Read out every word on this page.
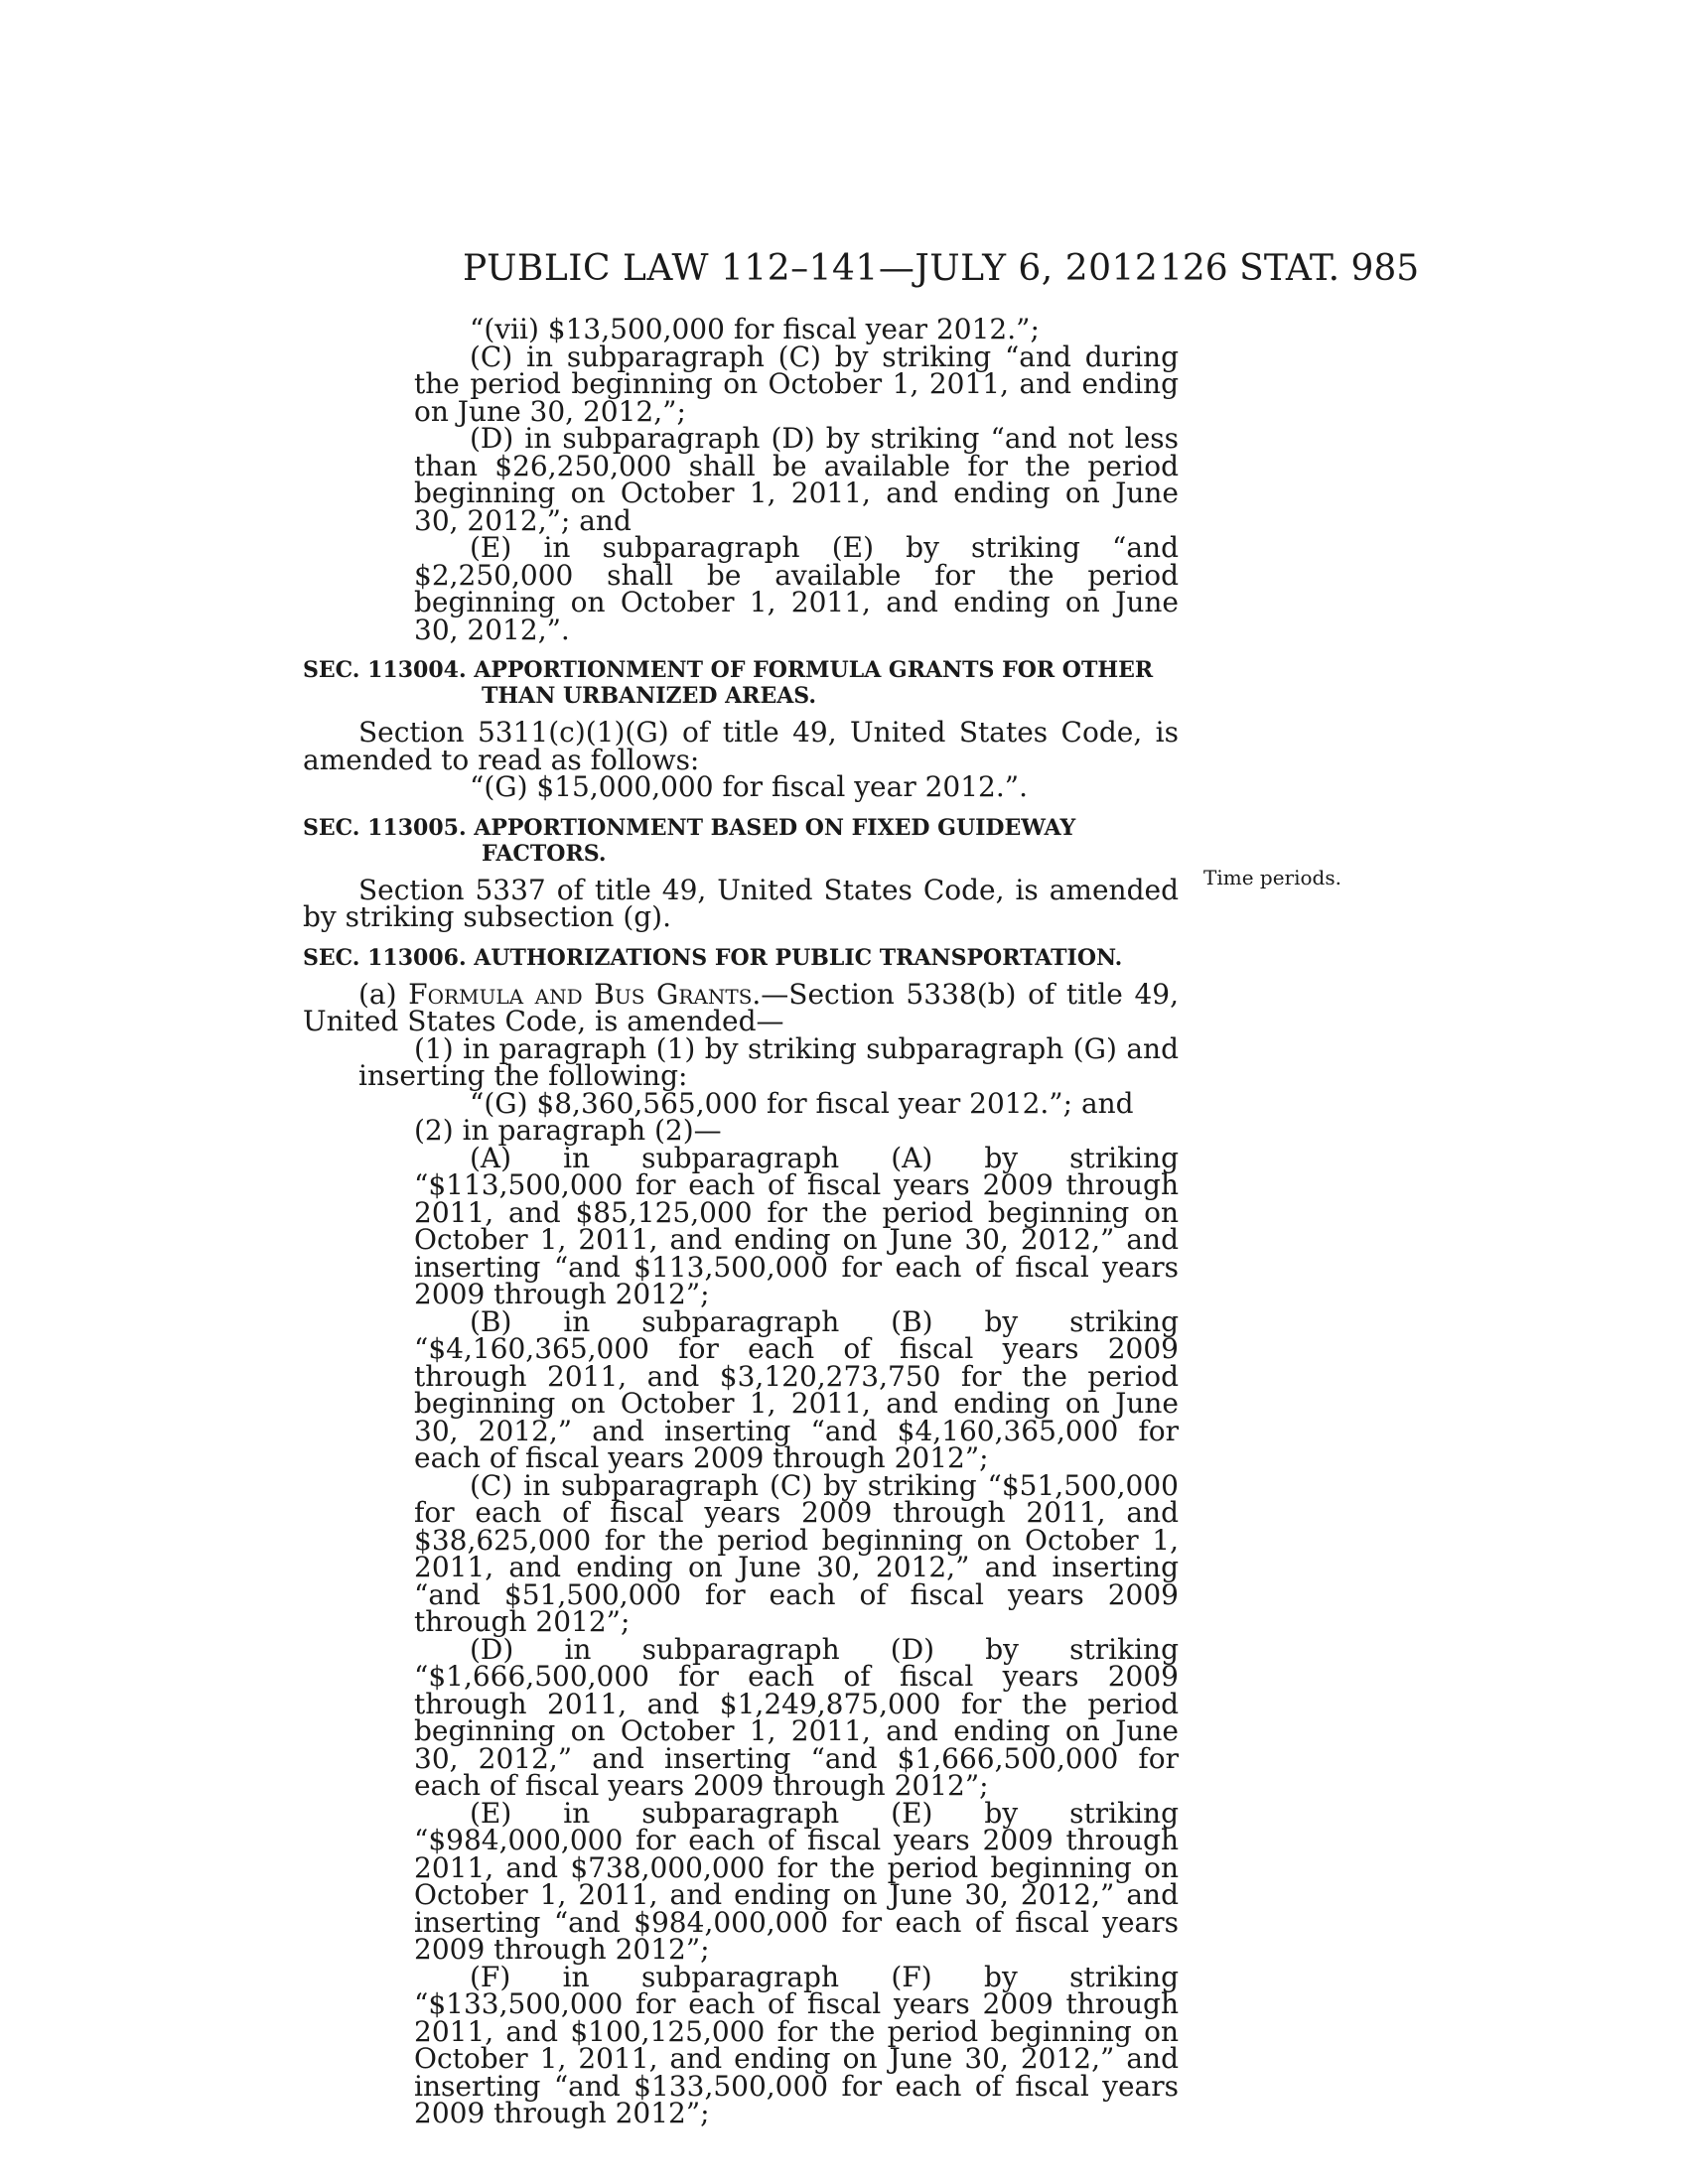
PUBLIC LAW 112–141—JULY 6, 2012 126 STAT. 985
Time periods.

“(vii) $13,500,000 for fiscal year 2012.”;

(C) in subparagraph (C) by striking “and during the period beginning on October 1, 2011, and ending on June 30, 2012,”;

(D) in subparagraph (D) by striking “and not less than $26,250,000 shall be available for the period beginning on October 1, 2011, and ending on June 30, 2012,”; and

(E) in subparagraph (E) by striking “and $2,250,000 shall be available for the period beginning on October 1, 2011, and ending on June 30, 2012,”.

SEC. 113004. APPORTIONMENT OF FORMULA GRANTS FOR OTHER THAN URBANIZED AREAS.

Section 5311(c)(1)(G) of title 49, United States Code, is amended to read as follows:

“(G) $15,000,000 for fiscal year 2012.”.

SEC. 113005. APPORTIONMENT BASED ON FIXED GUIDEWAY FACTORS.

Section 5337 of title 49, United States Code, is amended by striking subsection (g).

SEC. 113006. AUTHORIZATIONS FOR PUBLIC TRANSPORTATION.

(a) Formula and Bus Grants.—Section 5338(b) of title 49, United States Code, is amended—

(1) in paragraph (1) by striking subparagraph (G) and inserting the following:

“(G) $8,360,565,000 for fiscal year 2012.”; and

(2) in paragraph (2)—

(A) in subparagraph (A) by striking “$113,500,000 for each of fiscal years 2009 through 2011, and $85,125,000 for the period beginning on October 1, 2011, and ending on June 30, 2012,” and inserting “and $113,500,000 for each of fiscal years 2009 through 2012”;

(B) in subparagraph (B) by striking “$4,160,365,000 for each of fiscal years 2009 through 2011, and $3,120,273,750 for the period beginning on October 1, 2011, and ending on June 30, 2012,” and inserting “and $4,160,365,000 for each of fiscal years 2009 through 2012”;

(C) in subparagraph (C) by striking “$51,500,000 for each of fiscal years 2009 through 2011, and $38,625,000 for the period beginning on October 1, 2011, and ending on June 30, 2012,” and inserting “and $51,500,000 for each of fiscal years 2009 through 2012”;

(D) in subparagraph (D) by striking “$1,666,500,000 for each of fiscal years 2009 through 2011, and $1,249,875,000 for the period beginning on October 1, 2011, and ending on June 30, 2012,” and inserting “and $1,666,500,000 for each of fiscal years 2009 through 2012”;

(E) in subparagraph (E) by striking “$984,000,000 for each of fiscal years 2009 through 2011, and $738,000,000 for the period beginning on October 1, 2011, and ending on June 30, 2012,” and inserting “and $984,000,000 for each of fiscal years 2009 through 2012”;

(F) in subparagraph (F) by striking “$133,500,000 for each of fiscal years 2009 through 2011, and $100,125,000 for the period beginning on October 1, 2011, and ending on June 30, 2012,” and inserting “and $133,500,000 for each of fiscal years 2009 through 2012”;
